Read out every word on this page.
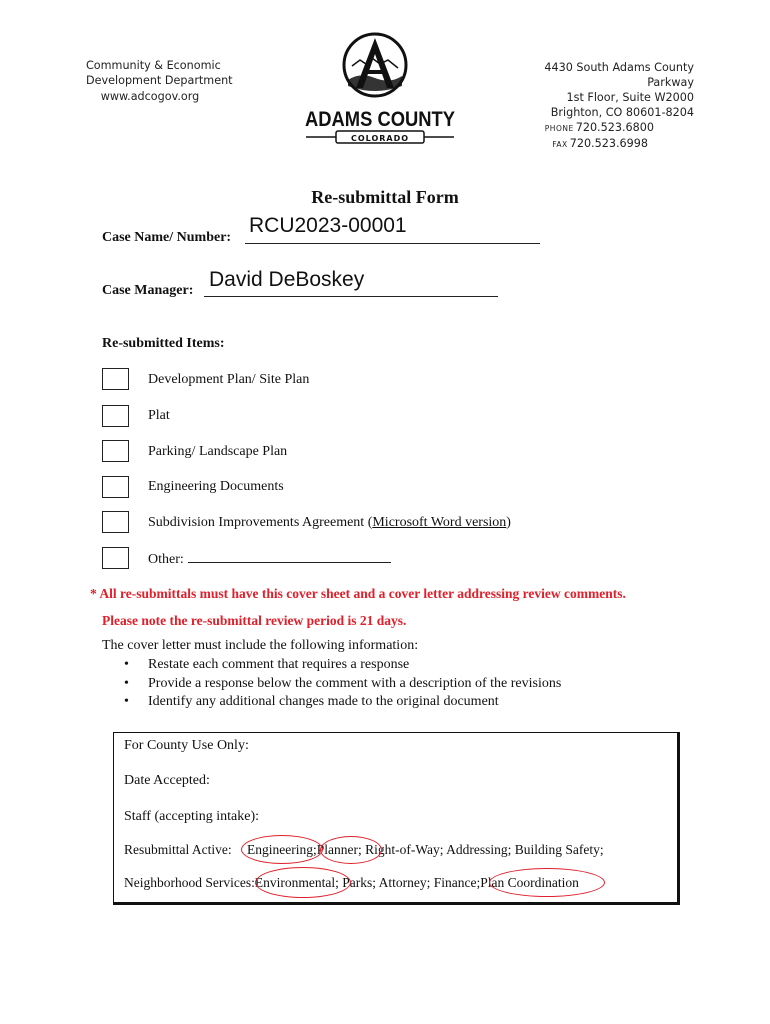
Community & Economic
Development Department
www.adcogov.org
ADAMS COUNTY
COLORADO
4430 South Adams County Parkway
1st Floor, Suite W2000
Brighton, CO 80601-8204
PHONE 720.523.6800
FAX 720.523.6998
Re-submittal Form
Case Name/ Number:
RCU2023-00001
Case Manager: David DeBoskey
Re-submitted Items:
Development Plan/ Site Plan
Plat
Parking/ Landscape Plan
Engineering Documents
Subdivision Improvements Agreement (Microsoft Word version)
Other:
* All re-submittals must have this cover sheet and a cover letter addressing review comments.
Please note the re-submittal review period is 21 days.
The cover letter must include the following information:
• Restate each comment that requires a response
• Provide a response below the comment with a description of the revisions
• Identify any additional changes made to the original document
For County Use Only:
Date Accepted:
Staff (accepting intake):
Resubmittal Active: Engineering;Planner; Right-of-Way; Addressing; Building Safety;
Neighborhood Services:Environmental; Parks; Attorney; Finance;Plan Coordination
